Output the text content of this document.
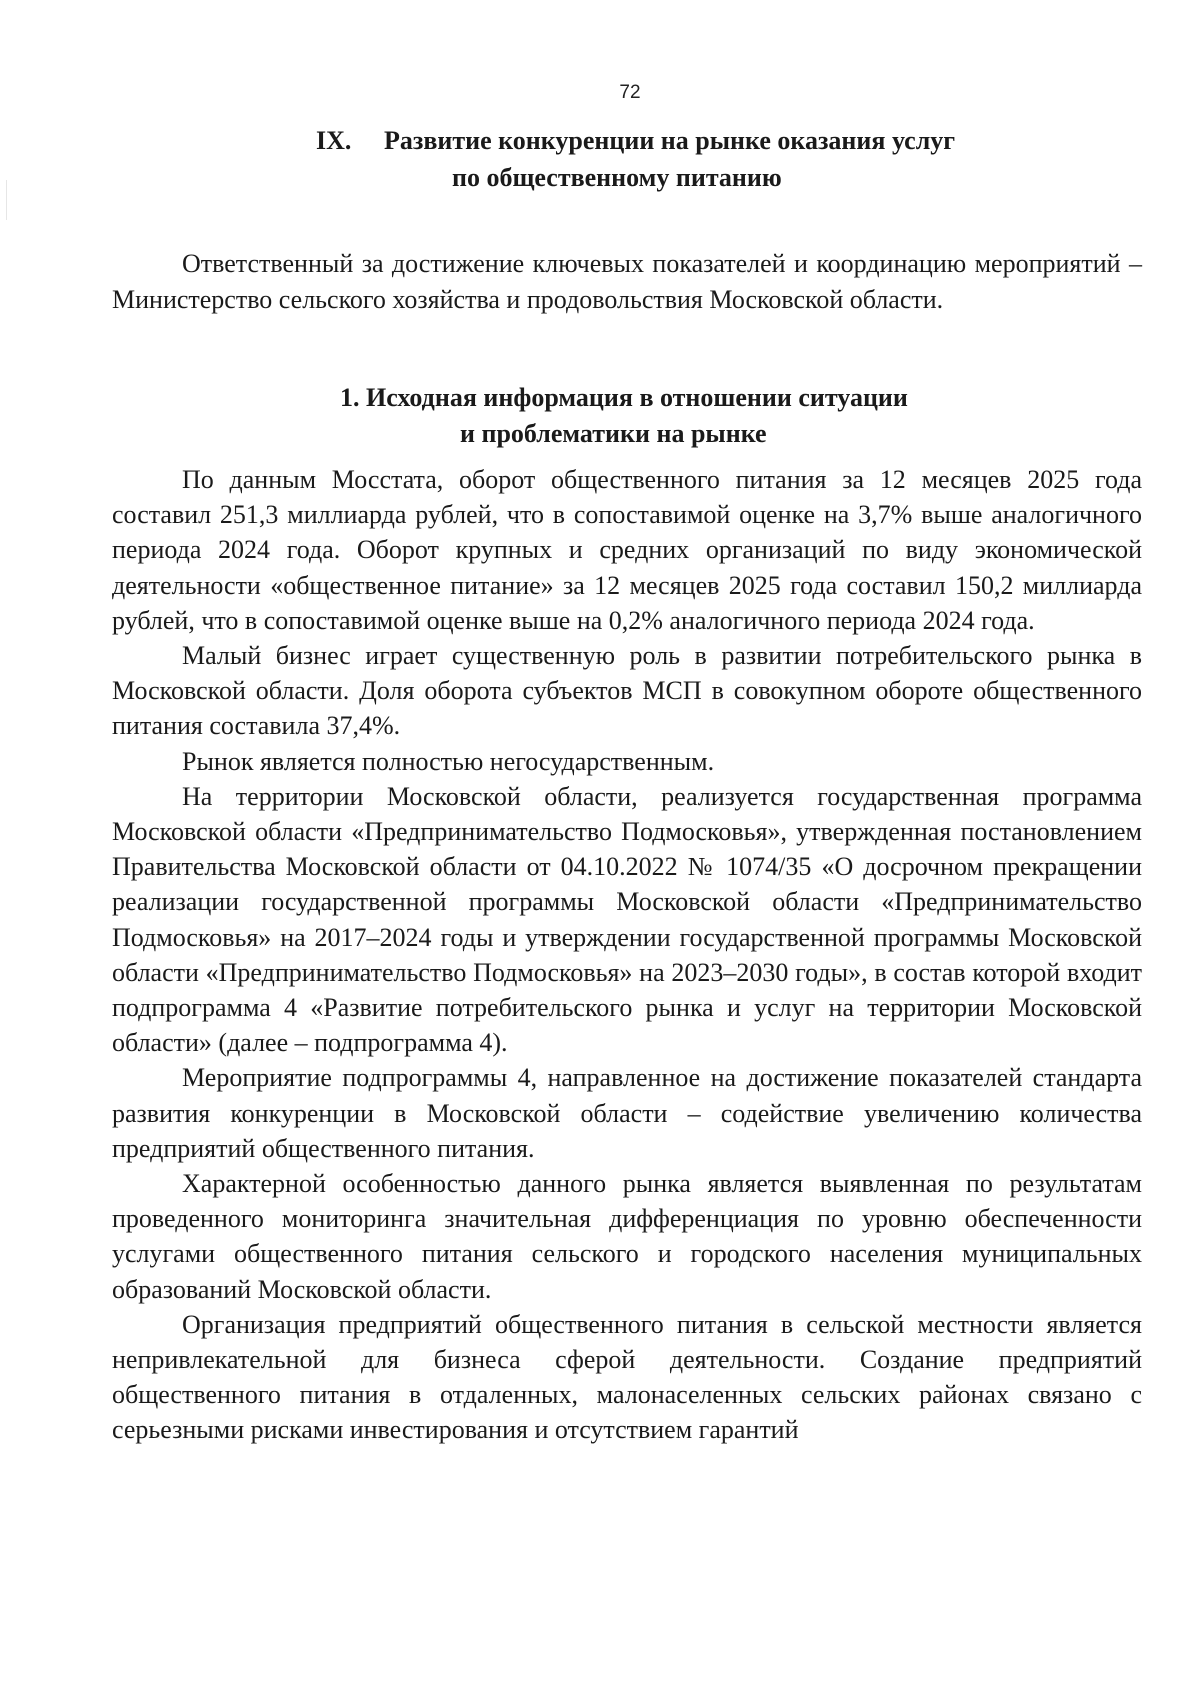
72
IX.	Развитие конкуренции на рынке оказания услуг
по общественному питанию

Ответственный за достижение ключевых показателей и координацию мероприятий – Министерство сельского хозяйства и продовольствия Московской области.

1. Исходная информация в отношении ситуации
и проблематики на рынке

По данным Мосстата, оборот общественного питания за 12 месяцев 2025 года составил 251,3 миллиарда рублей, что в сопоставимой оценке на 3,7% выше аналогичного периода 2024 года. Оборот крупных и средних организаций по виду экономической деятельности «общественное питание» за 12 месяцев 2025 года составил 150,2 миллиарда рублей, что в сопоставимой оценке выше на 0,2% аналогичного периода 2024 года.

Малый бизнес играет существенную роль в развитии потребительского рынка в Московской области. Доля оборота субъектов МСП в совокупном обороте общественного питания составила 37,4%.

Рынок является полностью негосударственным.

На территории Московской области, реализуется государственная программа Московской области «Предпринимательство Подмосковья», утвержденная постановлением Правительства Московской области от 04.10.2022 № 1074/35 «О досрочном прекращении реализации государственной программы Московской области «Предпринимательство Подмосковья» на 2017–2024 годы и утверждении государственной программы Московской области «Предпринимательство Подмосковья» на 2023–2030 годы», в состав которой входит подпрограмма 4 «Развитие потребительского рынка и услуг на территории Московской области» (далее – подпрограмма 4).

Мероприятие подпрограммы 4, направленное на достижение показателей стандарта развития конкуренции в Московской области – содействие увеличению количества предприятий общественного питания.

Характерной особенностью данного рынка является выявленная по результатам проведенного мониторинга значительная дифференциация по уровню обеспеченности услугами общественного питания сельского и городского населения муниципальных образований Московской области.

Организация предприятий общественного питания в сельской местности является непривлекательной для бизнеса сферой деятельности. Создание предприятий общественного питания в отдаленных, малонаселенных сельских районах связано с серьезными рисками инвестирования и отсутствием гарантий
